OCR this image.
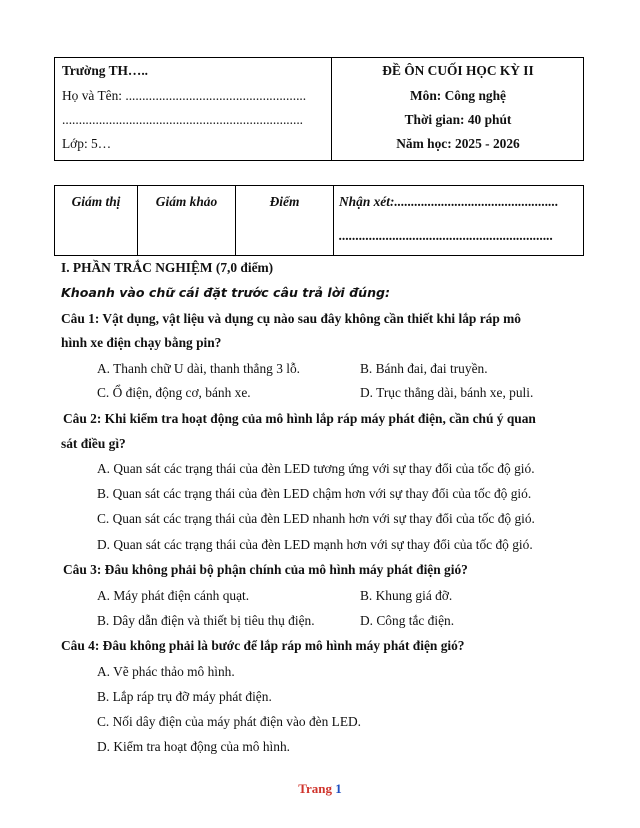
Trường TH…..
Họ và Tên: ......................................................
........................................................................
Lớp: 5…
ĐỀ ÔN CUỐI HỌC KỲ II
Môn: Công nghệ
Thời gian: 40 phút
Năm học: 2025 - 2026
Giám thị	Giám khảo	Điểm	Nhận xét:.................................................
................................................................
I. PHẦN TRẮC NGHIỆM (7,0 điểm)
Khoanh vào chữ cái đặt trước câu trả lời đúng:
Câu 1: Vật dụng, vật liệu và dụng cụ nào sau đây không cần thiết khi lắp ráp mô
hình xe điện chạy bằng pin?
A. Thanh chữ U dài, thanh thẳng 3 lỗ.	B. Bánh đai, đai truyền.
C. Ổ điện, động cơ, bánh xe.	D. Trục thẳng dài, bánh xe, puli.
Câu 2: Khi kiểm tra hoạt động của mô hình lắp ráp máy phát điện, cần chú ý quan
sát điều gì?
A. Quan sát các trạng thái của đèn LED tương ứng với sự thay đổi của tốc độ gió.
B. Quan sát các trạng thái của đèn LED chậm hơn với sự thay đổi của tốc độ gió.
C. Quan sát các trạng thái của đèn LED nhanh hơn với sự thay đổi của tốc độ gió.
D. Quan sát các trạng thái của đèn LED mạnh hơn với sự thay đổi của tốc độ gió.
Câu 3: Đâu không phải bộ phận chính của mô hình máy phát điện gió?
A. Máy phát điện cánh quạt.	B. Khung giá đỡ.
B. Dây dẫn điện và thiết bị tiêu thụ điện.	D. Công tắc điện.
Câu 4: Đâu không phải là bước để lắp ráp mô hình máy phát điện gió?
A. Vẽ phác thảo mô hình.
B. Lắp ráp trụ đỡ máy phát điện.
C. Nối dây điện của máy phát điện vào đèn LED.
D. Kiểm tra hoạt động của mô hình.
Trang 1
